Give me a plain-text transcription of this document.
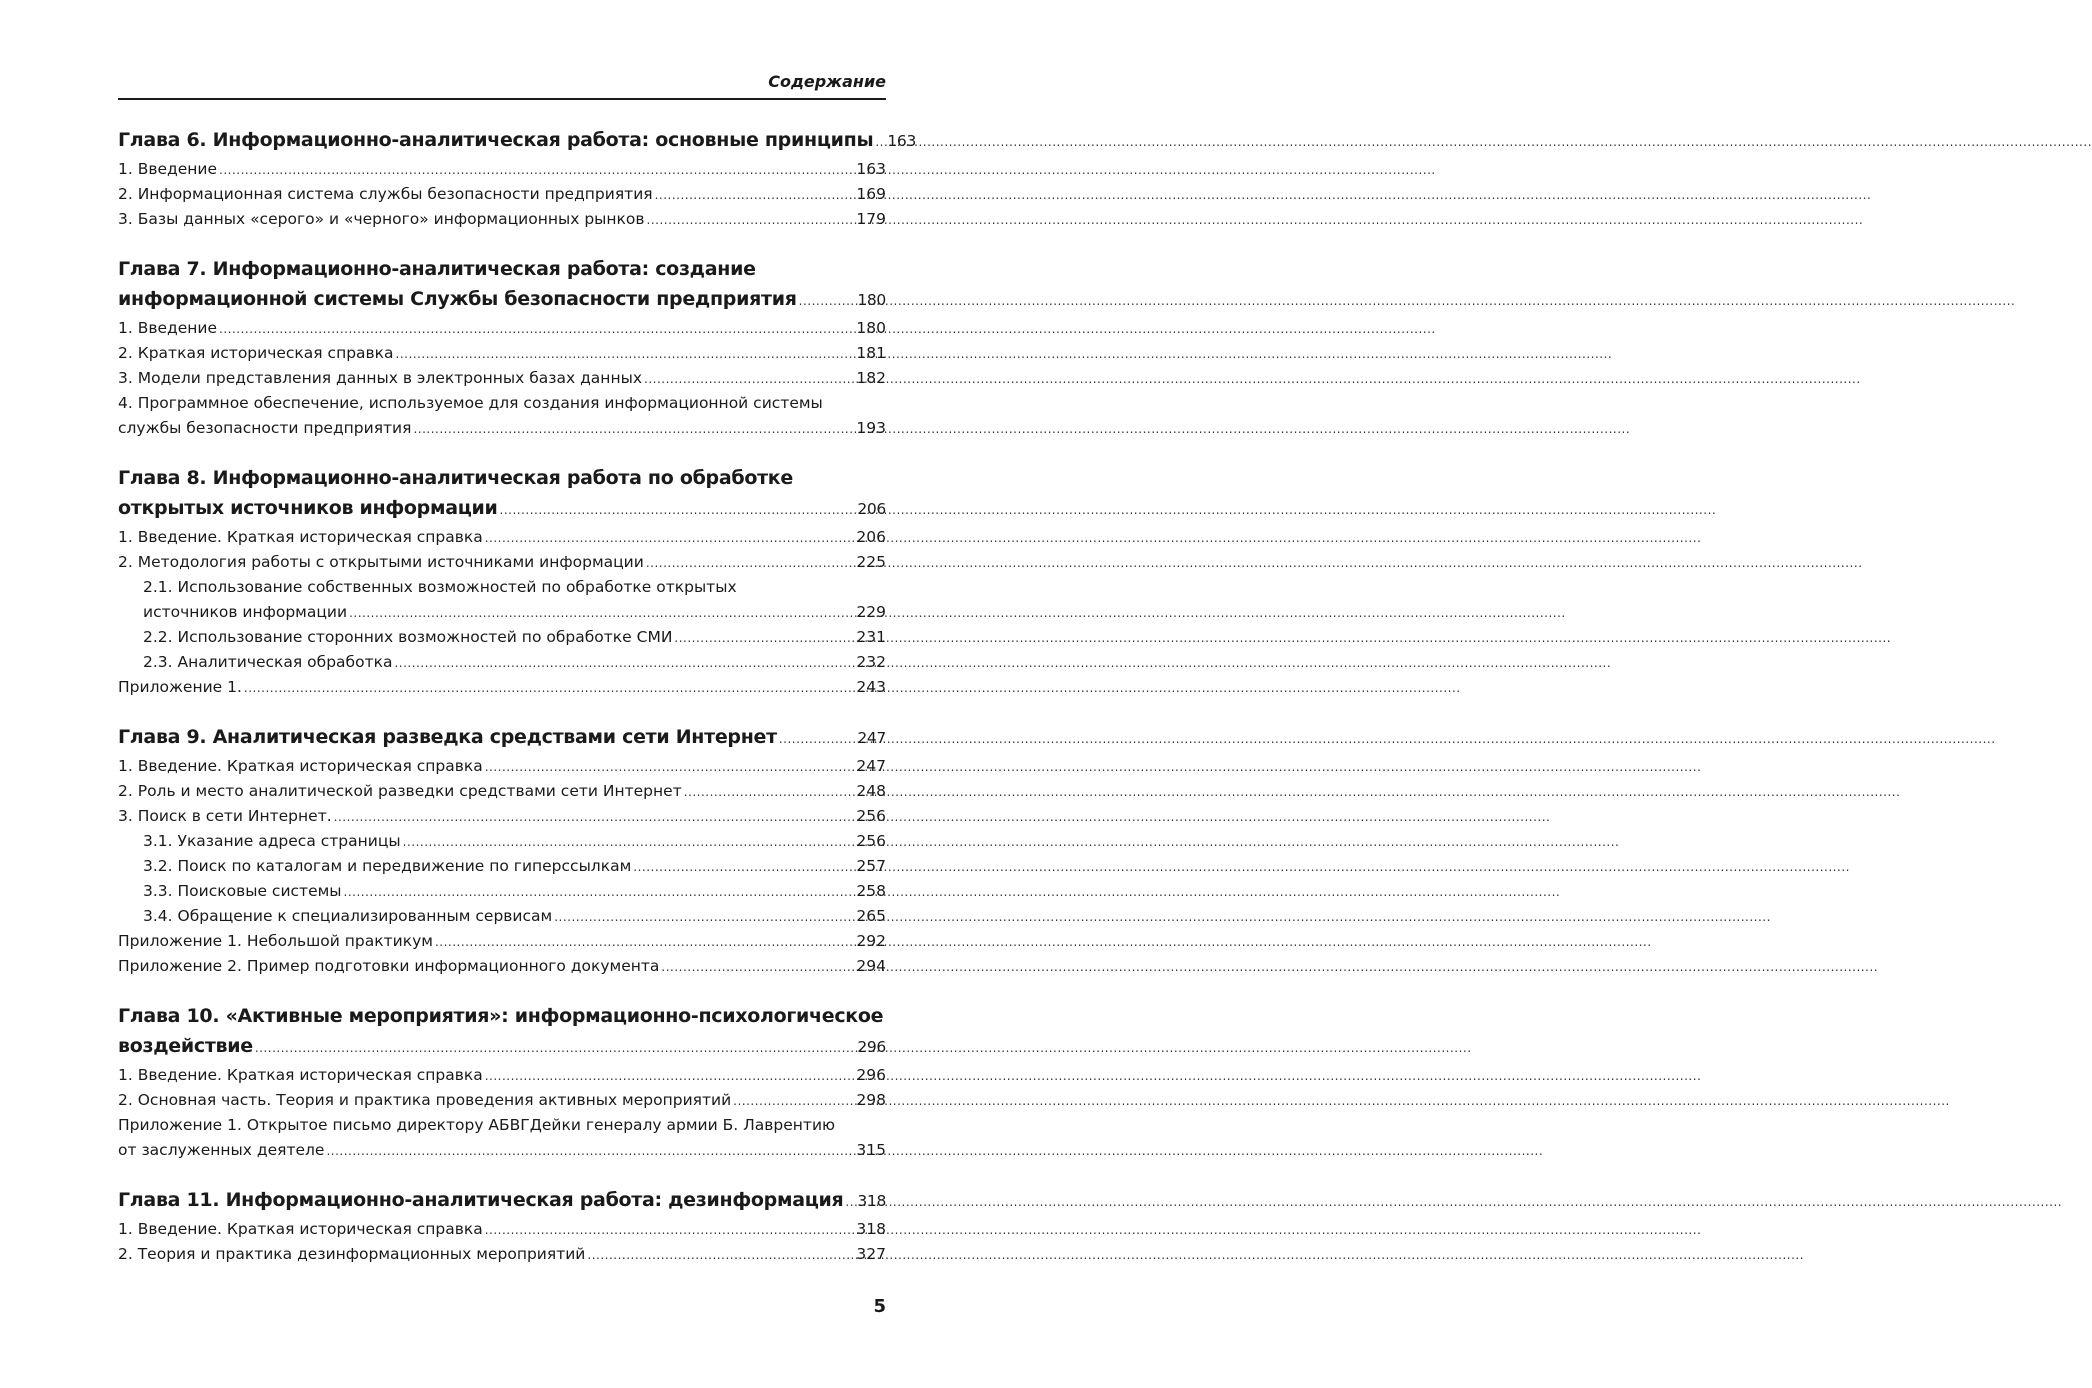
Содержание
Глава 6. Информационно-аналитическая работа: основные принципы ..... 163
1. Введение .....	163
2. Информационная система службы безопасности предприятия .....	169
3. Базы данных «серого» и «черного» информационных рынков .....	179
Глава 7. Информационно-аналитическая работа: создание
информационной системы Службы безопасности предприятия .....	180
1. Введение .....	180
2. Краткая историческая справка .....	181
3. Модели представления данных в электронных базах данных .....	182
4. Программное обеспечение, используемое для создания информационной системы
службы безопасности предприятия .....	193
Глава 8. Информационно-аналитическая работа по обработке
открытых источников информации .....	206
1. Введение. Краткая историческая справка .....	206
2. Методология работы с открытыми источниками информации .....	225
2.1. Использование собственных возможностей по обработке открытых
источников информации .....	229
2.2. Использование сторонних возможностей по обработке СМИ .....	231
2.3. Аналитическая обработка .....	232
Приложение 1. .....	243
Глава 9. Аналитическая разведка средствами сети Интернет .....	247
1. Введение. Краткая историческая справка .....	247
2. Роль и место аналитической разведки средствами сети Интернет .....	248
3. Поиск в сети Интернет. .....	256
3.1. Указание адреса страницы .....	256
3.2. Поиск по каталогам и передвижение по гиперссылкам .....	257
3.3. Поисковые системы .....	258
3.4. Обращение к специализированным сервисам .....	265
Приложение 1. Небольшой практикум .....	292
Приложение 2. Пример подготовки информационного документа .....	294
Глава 10. «Активные мероприятия»: информационно-психологическое
воздействие .....	296
1. Введение. Краткая историческая справка .....	296
2. Основная часть. Теория и практика проведения активных мероприятий .....	298
Приложение 1. Открытое письмо директору АБВГДейки генералу армии Б. Лаврентию
от заслуженных деятеле .....	315
Глава 11. Информационно-аналитическая работа: дезинформация ..... 318
1. Введение. Краткая историческая справка .....	318
2. Теория и практика дезинформационных мероприятий .....	327
5
